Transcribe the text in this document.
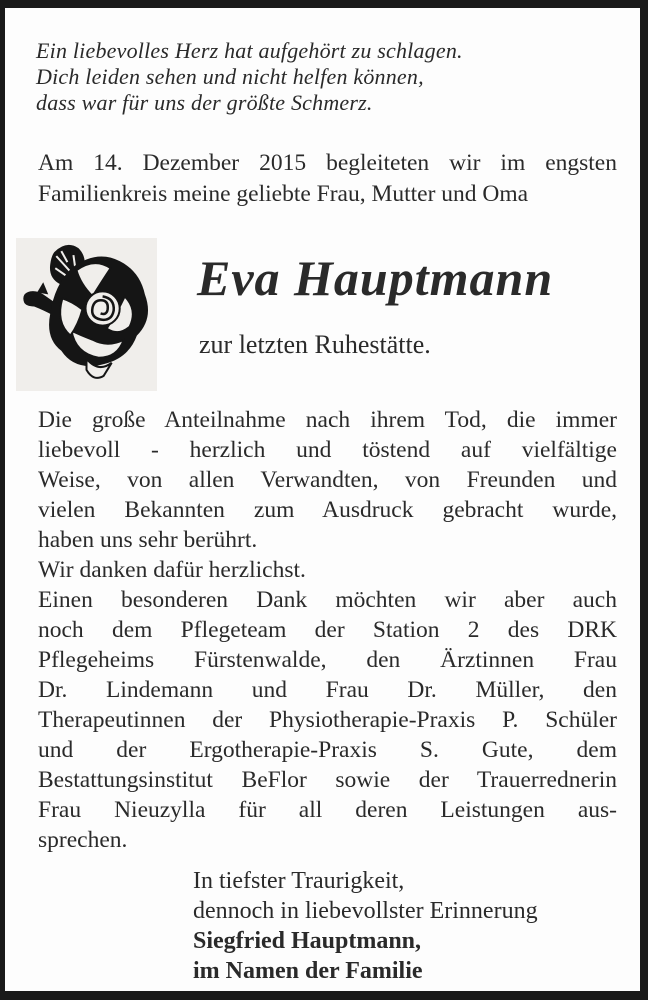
Ein liebevolles Herz hat aufgehört zu schlagen.
Dich leiden sehen und nicht helfen können,
dass war für uns der größte Schmerz.
Am 14. Dezember 2015 begleiteten wir im engsten
Familienkreis meine geliebte Frau, Mutter und Oma
Eva Hauptmann
zur letzten Ruhestätte.
Die große Anteilnahme nach ihrem Tod, die immer
liebevoll - herzlich und töstend auf vielfältige
Weise, von allen Verwandten, von Freunden und
vielen Bekannten zum Ausdruck gebracht wurde,
haben uns sehr berührt.
Wir danken dafür herzlichst.
Einen besonderen Dank möchten wir aber auch
noch dem Pflegeteam der Station 2 des DRK
Pflegeheims Fürstenwalde, den Ärztinnen Frau
Dr. Lindemann und Frau Dr. Müller, den
Therapeutinnen der Physiotherapie-Praxis P. Schüler
und der Ergotherapie-Praxis S. Gute, dem
Bestattungsinstitut BeFlor sowie der Trauerrednerin
Frau Nieuzylla für all deren Leistungen aus-
sprechen.
In tiefster Traurigkeit,
dennoch in liebevollster Erinnerung
Siegfried Hauptmann,
im Namen der Familie
